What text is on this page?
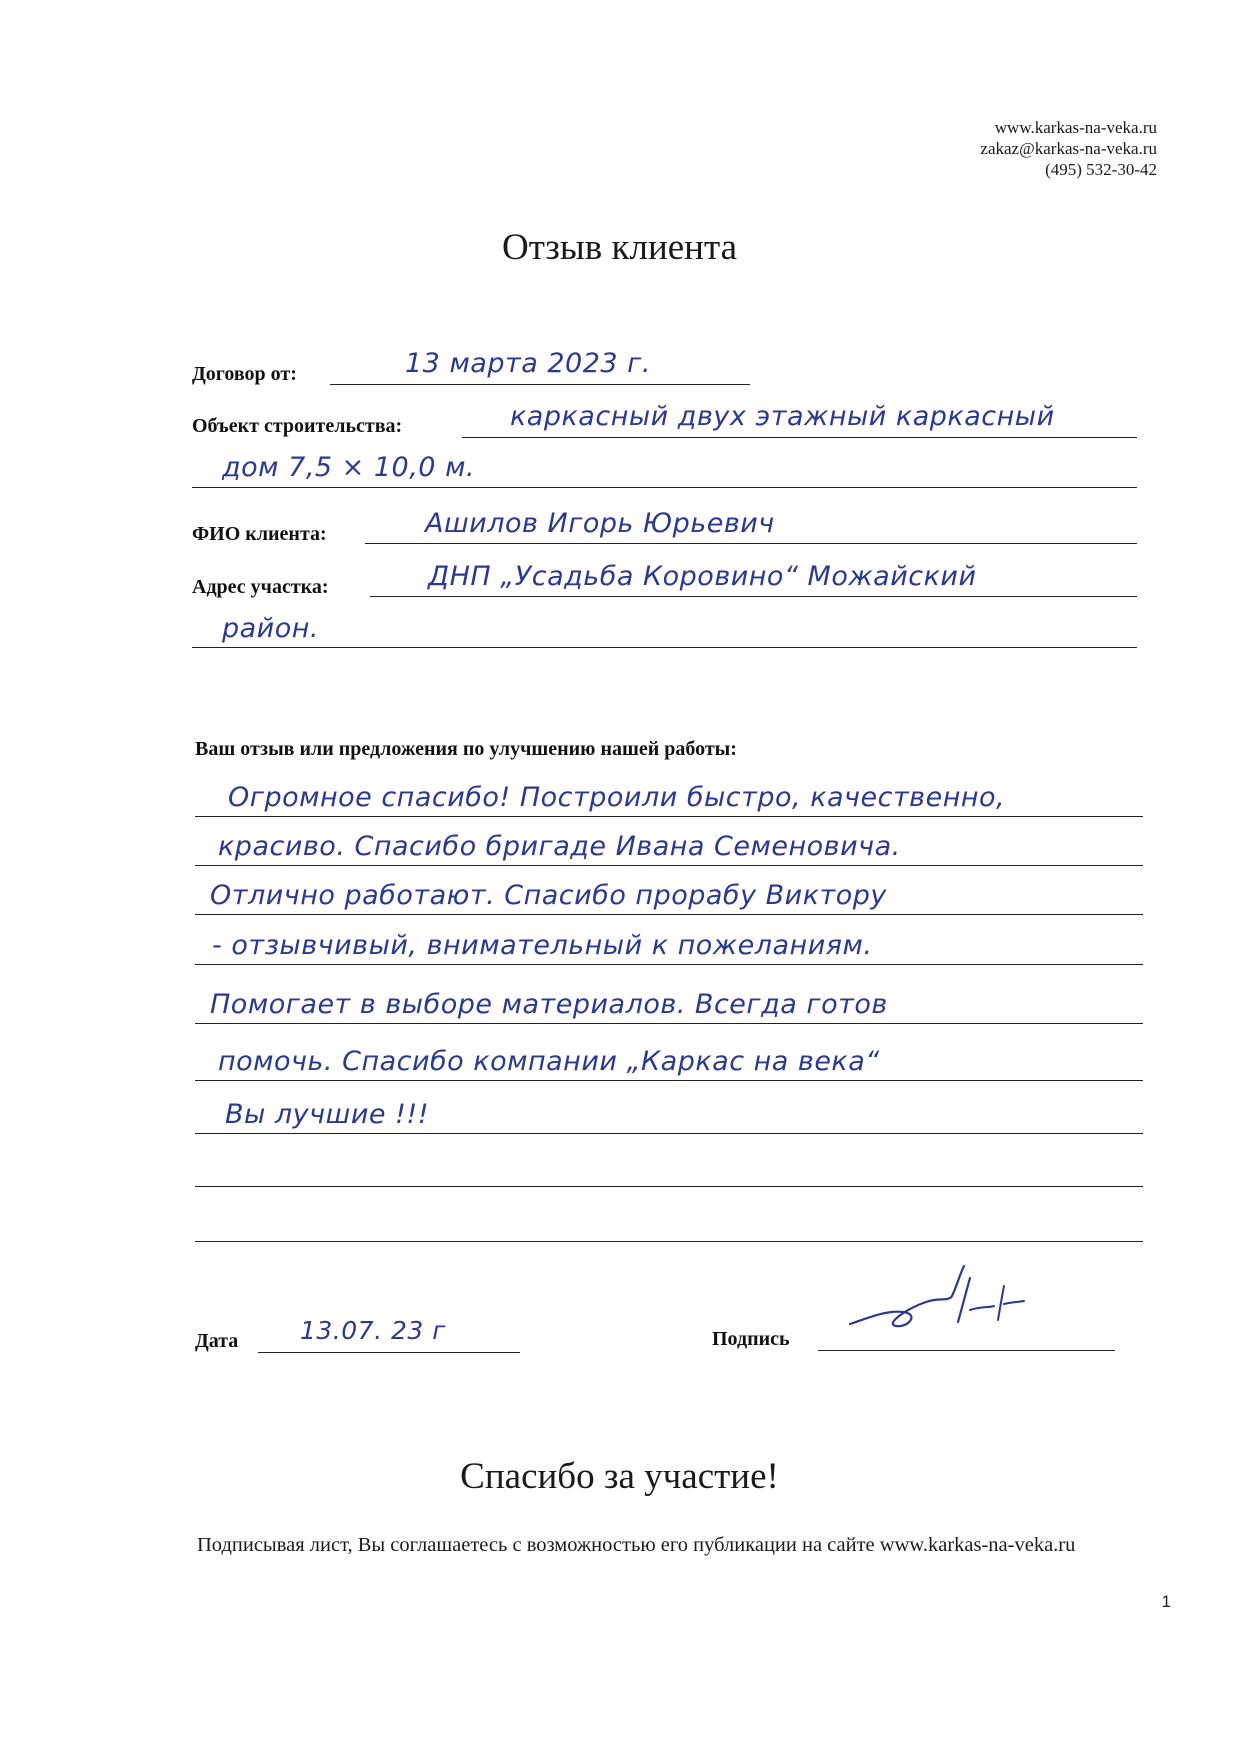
www.karkas-na-veka.ru
zakaz@karkas-na-veka.ru
(495) 532-30-42
Отзыв клиента
Договор от:	13 марта 2023 г.
Объект строительства:	каркасный двух этажный каркасный
дом 7,5 × 10,0 м.
ФИО клиента:	Ашилов Игорь Юрьевич
Адрес участка:	ДНП „Усадьба Коровино“ Можайский
район.
Ваш отзыв или предложения по улучшению нашей работы:
Огромное спасибо! Построили быстро, качественно,
красиво. Спасибо бригаде Ивана Семеновича.
Отлично работают. Спасибо прорабу Виктору
- отзывчивый, внимательный к пожеланиям.
Помогает в выборе материалов. Всегда готов
помочь. Спасибо компании „Каркас на века“
Вы лучшие !!!
Дата 13.07. 23 г	Подпись
Спасибо за участие!
Подписывая лист, Вы соглашаетесь с возможностью его публикации на сайте www.karkas-na-veka.ru
1
